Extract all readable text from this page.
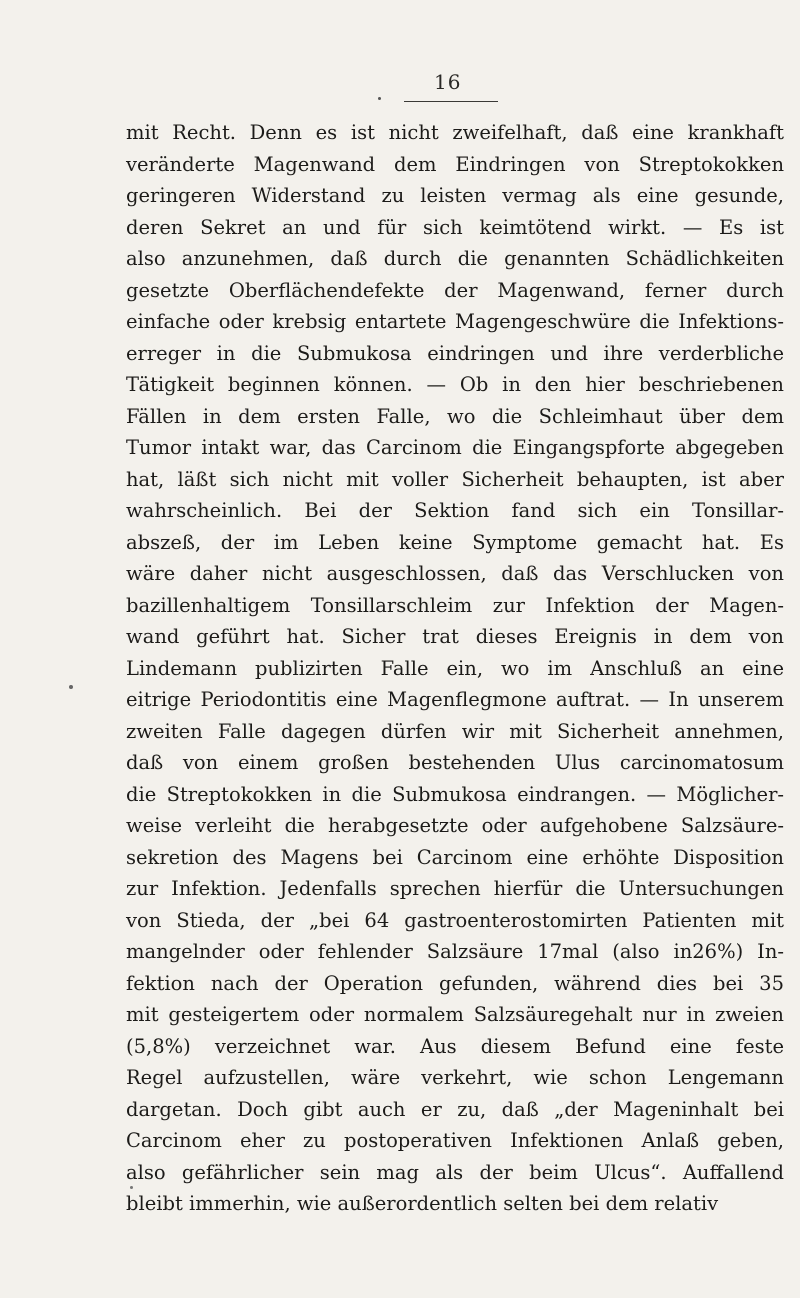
16
mit Recht. Denn es ist nicht zweifelhaft, daß eine krankhaft
veränderte Magenwand dem Eindringen von Streptokokken
geringeren Widerstand zu leisten vermag als eine gesunde,
deren Sekret an und für sich keimtötend wirkt. — Es ist
also anzunehmen, daß durch die genannten Schädlichkeiten
gesetzte Oberflächendefekte der Magenwand, ferner durch
einfache oder krebsig entartete Magengeschwüre die Infektions-
erreger in die Submukosa eindringen und ihre verderbliche
Tätigkeit beginnen können. — Ob in den hier beschriebenen
Fällen in dem ersten Falle, wo die Schleimhaut über dem
Tumor intakt war, das Carcinom die Eingangspforte abgegeben
hat, läßt sich nicht mit voller Sicherheit behaupten, ist aber
wahrscheinlich. Bei der Sektion fand sich ein Tonsillar-
abszeß, der im Leben keine Symptome gemacht hat. Es
wäre daher nicht ausgeschlossen, daß das Verschlucken von
bazillenhaltigem Tonsillarschleim zur Infektion der Magen-
wand geführt hat. Sicher trat dieses Ereignis in dem von
Lindemann publizirten Falle ein, wo im Anschluß an eine
eitrige Periodontitis eine Magenflegmone auftrat. — In unserem
zweiten Falle dagegen dürfen wir mit Sicherheit annehmen,
daß von einem großen bestehenden Ulus carcinomatosum
die Streptokokken in die Submukosa eindrangen. — Möglicher-
weise verleiht die herabgesetzte oder aufgehobene Salzsäure-
sekretion des Magens bei Carcinom eine erhöhte Disposition
zur Infektion. Jedenfalls sprechen hierfür die Untersuchungen
von Stieda, der „bei 64 gastroenterostomirten Patienten mit
mangelnder oder fehlender Salzsäure 17mal (also in26%) In-
fektion nach der Operation gefunden, während dies bei 35
mit gesteigertem oder normalem Salzsäuregehalt nur in zweien
(5,8%) verzeichnet war. Aus diesem Befund eine feste
Regel aufzustellen, wäre verkehrt, wie schon Lengemann
dargetan. Doch gibt auch er zu, daß „der Mageninhalt bei
Carcinom eher zu postoperativen Infektionen Anlaß geben,
also gefährlicher sein mag als der beim Ulcus“. Auffallend
bleibt immerhin, wie außerordentlich selten bei dem relativ
